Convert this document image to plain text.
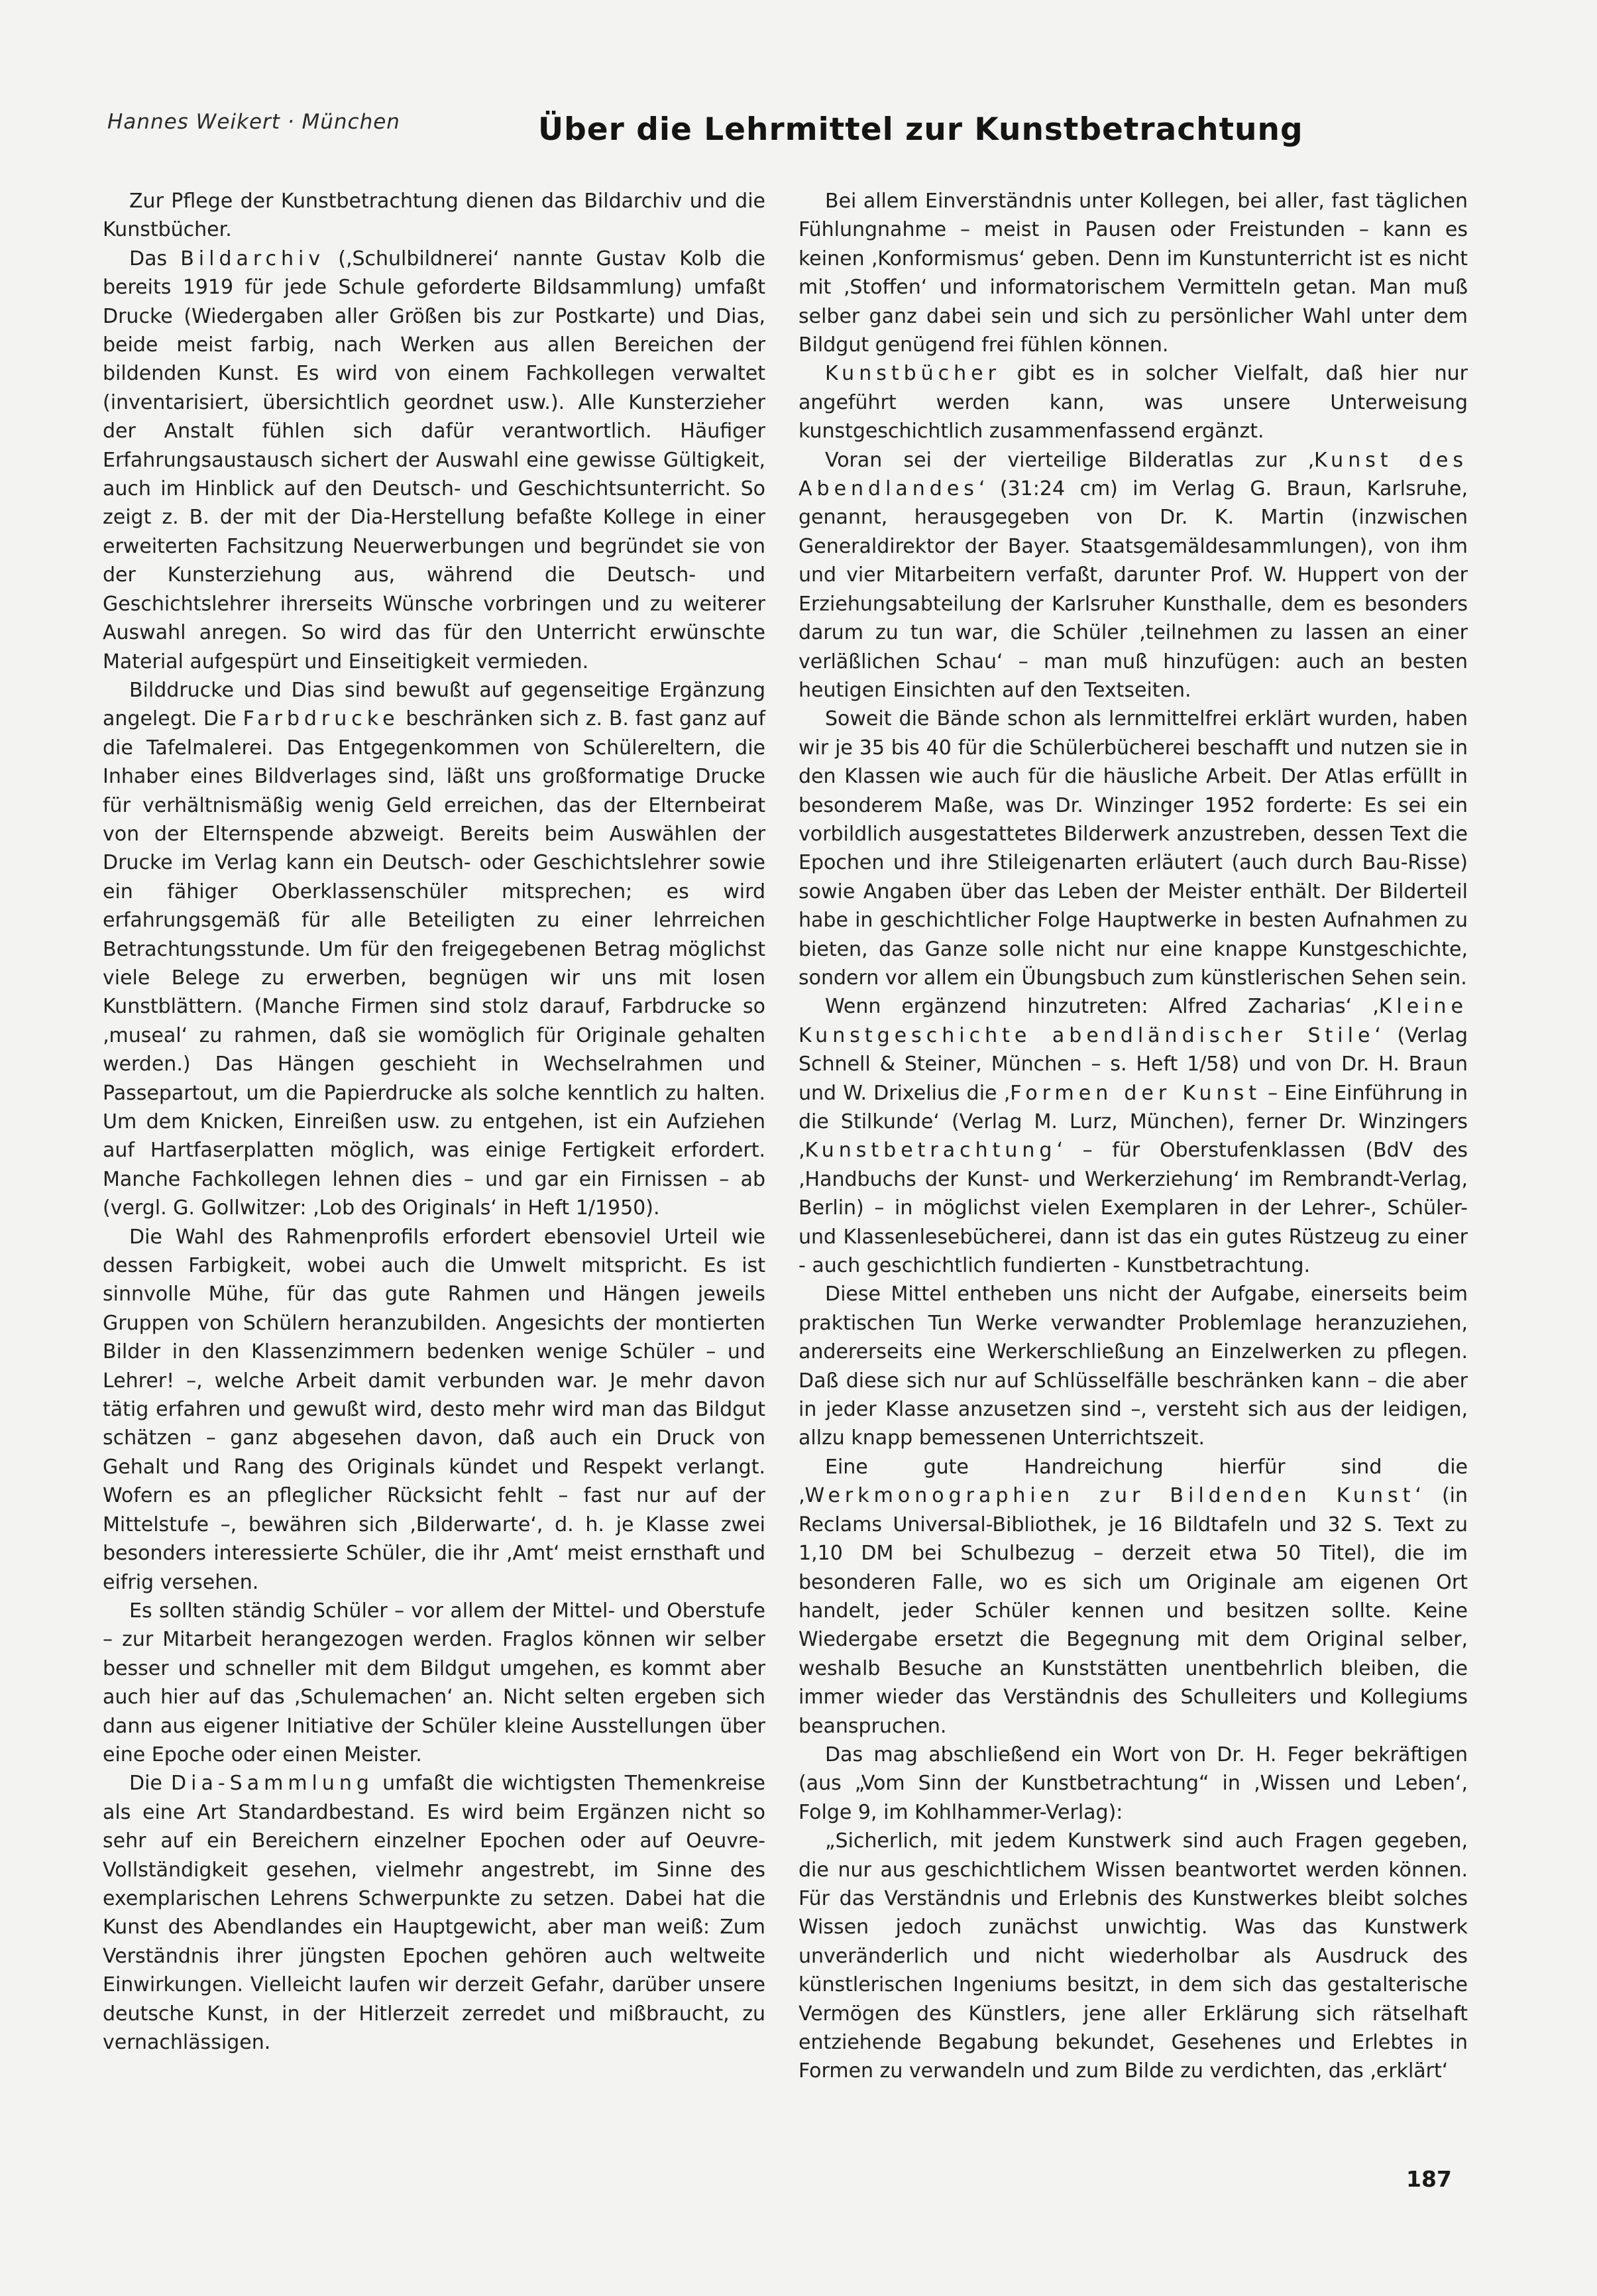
Hannes Weikert · München	Über die Lehrmittel zur Kunstbetrachtung

Zur Pflege der Kunstbetrachtung dienen das Bildarchiv und die Kunstbücher.

Das Bildarchiv (‚Schulbildnerei‘ nannte Gustav Kolb die bereits 1919 für jede Schule geforderte Bildsammlung) umfaßt Drucke (Wiedergaben aller Größen bis zur Postkarte) und Dias, beide meist farbig, nach Werken aus allen Bereichen der bildenden Kunst. Es wird von einem Fachkollegen verwaltet (inventarisiert, übersichtlich geordnet usw.). Alle Kunsterzieher der Anstalt fühlen sich dafür verantwortlich. Häufiger Erfahrungsaustausch sichert der Auswahl eine gewisse Gültigkeit, auch im Hinblick auf den Deutsch- und Geschichtsunterricht. So zeigt z. B. der mit der Dia-Herstellung befaßte Kollege in einer erweiterten Fachsitzung Neuerwerbungen und begründet sie von der Kunsterziehung aus, während die Deutsch- und Geschichtslehrer ihrerseits Wünsche vorbringen und zu weiterer Auswahl anregen. So wird das für den Unterricht erwünschte Material aufgespürt und Einseitigkeit vermieden.

Bilddrucke und Dias sind bewußt auf gegenseitige Ergänzung angelegt. Die Farbdrucke beschränken sich z. B. fast ganz auf die Tafelmalerei. Das Entgegenkommen von Schülereltern, die Inhaber eines Bildverlages sind, läßt uns großformatige Drucke für verhältnismäßig wenig Geld erreichen, das der Elternbeirat von der Elternspende abzweigt. Bereits beim Auswählen der Drucke im Verlag kann ein Deutsch- oder Geschichtslehrer sowie ein fähiger Oberklassenschüler mitsprechen; es wird erfahrungsgemäß für alle Beteiligten zu einer lehrreichen Betrachtungsstunde. Um für den freigegebenen Betrag möglichst viele Belege zu erwerben, begnügen wir uns mit losen Kunstblättern. (Manche Firmen sind stolz darauf, Farbdrucke so ‚museal‘ zu rahmen, daß sie womöglich für Originale gehalten werden.) Das Hängen geschieht in Wechselrahmen und Passepartout, um die Papierdrucke als solche kenntlich zu halten. Um dem Knicken, Einreißen usw. zu entgehen, ist ein Aufziehen auf Hartfaserplatten möglich, was einige Fertigkeit erfordert. Manche Fachkollegen lehnen dies – und gar ein Firnissen – ab (vergl. G. Gollwitzer: ‚Lob des Originals‘ in Heft 1/1950).

Die Wahl des Rahmenprofils erfordert ebensoviel Urteil wie dessen Farbigkeit, wobei auch die Umwelt mitspricht. Es ist sinnvolle Mühe, für das gute Rahmen und Hängen jeweils Gruppen von Schülern heranzubilden. Angesichts der montierten Bilder in den Klassenzimmern bedenken wenige Schüler – und Lehrer! –, welche Arbeit damit verbunden war. Je mehr davon tätig erfahren und gewußt wird, desto mehr wird man das Bildgut schätzen – ganz abgesehen davon, daß auch ein Druck von Gehalt und Rang des Originals kündet und Respekt verlangt. Wofern es an pfleglicher Rücksicht fehlt – fast nur auf der Mittelstufe –, bewähren sich ‚Bilderwarte‘, d. h. je Klasse zwei besonders interessierte Schüler, die ihr ‚Amt‘ meist ernsthaft und eifrig versehen.

Es sollten ständig Schüler – vor allem der Mittel- und Oberstufe – zur Mitarbeit herangezogen werden. Fraglos können wir selber besser und schneller mit dem Bildgut umgehen, es kommt aber auch hier auf das ‚Schulemachen‘ an. Nicht selten ergeben sich dann aus eigener Initiative der Schüler kleine Ausstellungen über eine Epoche oder einen Meister.

Die Dia-Sammlung umfaßt die wichtigsten Themenkreise als eine Art Standardbestand. Es wird beim Ergänzen nicht so sehr auf ein Bereichern einzelner Epochen oder auf Oeuvre-Vollständigkeit gesehen, vielmehr angestrebt, im Sinne des exemplarischen Lehrens Schwerpunkte zu setzen. Dabei hat die Kunst des Abendlandes ein Hauptgewicht, aber man weiß: Zum Verständnis ihrer jüngsten Epochen gehören auch weltweite Einwirkungen. Vielleicht laufen wir derzeit Gefahr, darüber unsere deutsche Kunst, in der Hitlerzeit zerredet und mißbraucht, zu vernachlässigen.

Bei allem Einverständnis unter Kollegen, bei aller, fast täglichen Fühlungnahme – meist in Pausen oder Freistunden – kann es keinen ‚Konformismus‘ geben. Denn im Kunstunterricht ist es nicht mit ‚Stoffen‘ und informatorischem Vermitteln getan. Man muß selber ganz dabei sein und sich zu persönlicher Wahl unter dem Bildgut genügend frei fühlen können.

Kunstbücher gibt es in solcher Vielfalt, daß hier nur angeführt werden kann, was unsere Unterweisung kunstgeschichtlich zusammenfassend ergänzt.

Voran sei der vierteilige Bilderatlas zur ‚Kunst des Abendlandes‘ (31:24 cm) im Verlag G. Braun, Karlsruhe, genannt, herausgegeben von Dr. K. Martin (inzwischen Generaldirektor der Bayer. Staatsgemäldesammlungen), von ihm und vier Mitarbeitern verfaßt, darunter Prof. W. Huppert von der Erziehungsabteilung der Karlsruher Kunsthalle, dem es besonders darum zu tun war, die Schüler ‚teilnehmen zu lassen an einer verläßlichen Schau‘ – man muß hinzufügen: auch an besten heutigen Einsichten auf den Textseiten.

Soweit die Bände schon als lernmittelfrei erklärt wurden, haben wir je 35 bis 40 für die Schülerbücherei beschafft und nutzen sie in den Klassen wie auch für die häusliche Arbeit. Der Atlas erfüllt in besonderem Maße, was Dr. Winzinger 1952 forderte: Es sei ein vorbildlich ausgestattetes Bilderwerk anzustreben, dessen Text die Epochen und ihre Stileigenarten erläutert (auch durch Bau-Risse) sowie Angaben über das Leben der Meister enthält. Der Bilderteil habe in geschichtlicher Folge Hauptwerke in besten Aufnahmen zu bieten, das Ganze solle nicht nur eine knappe Kunstgeschichte, sondern vor allem ein Übungsbuch zum künstlerischen Sehen sein.

Wenn ergänzend hinzutreten: Alfred Zacharias‘ ‚Kleine Kunstgeschichte abendländischer Stile‘ (Verlag Schnell & Steiner, München – s. Heft 1/58) und von Dr. H. Braun und W. Drixelius die ‚Formen der Kunst – Eine Einführung in die Stilkunde‘ (Verlag M. Lurz, München), ferner Dr. Winzingers ‚Kunstbetrachtung‘ – für Oberstufenklassen (BdV des ‚Handbuchs der Kunst- und Werkerziehung‘ im Rembrandt-Verlag, Berlin) – in möglichst vielen Exemplaren in der Lehrer-, Schüler- und Klassenlesebüchereі, dann ist das ein gutes Rüstzeug zu einer - auch geschichtlich fundierten - Kunstbetrachtung.

Diese Mittel entheben uns nicht der Aufgabe, einerseits beim praktischen Tun Werke verwandter Problemlage heranzuziehen, andererseits eine Werkerschließung an Einzelwerken zu pflegen. Daß diese sich nur auf Schlüsselfälle beschränken kann – die aber in jeder Klasse anzusetzen sind –, versteht sich aus der leidigen, allzu knapp bemessenen Unterrichtszeit.

Eine gute Handreichung hierfür sind die ‚Werkmonographien zur Bildenden Kunst‘ (in Reclams Universal-Bibliothek, je 16 Bildtafeln und 32 S. Text zu 1,10 DM bei Schulbezug – derzeit etwa 50 Titel), die im besonderen Falle, wo es sich um Originale am eigenen Ort handelt, jeder Schüler kennen und besitzen sollte. Keine Wiedergabe ersetzt die Begegnung mit dem Original selber, weshalb Besuche an Kunststätten unentbehrlich bleiben, die immer wieder das Verständnis des Schulleiters und Kollegiums beanspruchen.

Das mag abschließend ein Wort von Dr. H. Feger bekräftigen (aus „Vom Sinn der Kunstbetrachtung“ in ‚Wissen und Leben‘, Folge 9, im Kohlhammer-Verlag):

„Sicherlich, mit jedem Kunstwerk sind auch Fragen gegeben, die nur aus geschichtlichem Wissen beantwortet werden können. Für das Verständnis und Erlebnis des Kunstwerkes bleibt solches Wissen jedoch zunächst unwichtig. Was das Kunstwerk unveränderlich und nicht wiederholbar als Ausdruck des künstlerischen Ingeniums besitzt, in dem sich das gestalterische Vermögen des Künstlers, jene aller Erklärung sich rätselhaft entziehende Begabung bekundet, Gesehenes und Erlebtes in Formen zu verwandeln und zum Bilde zu verdichten, das ‚erklärt‘

187
